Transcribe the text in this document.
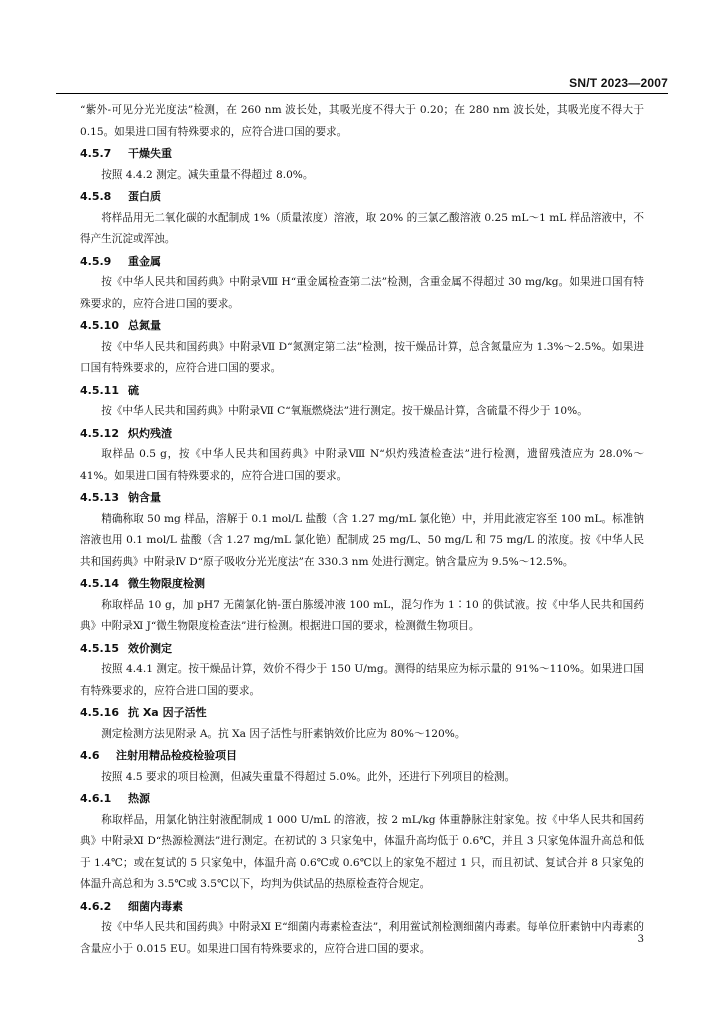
SN/T 2023—2007

“紫外-可见分光光度法”检测，在 260 nm 波长处，其吸光度不得大于 0.20；在 280 nm 波长处，其吸光度不得大于 0.15。如果进口国有特殊要求的，应符合进口国的要求。

4.5.7 干燥失重

按照 4.4.2 测定。减失重量不得超过 8.0%。

4.5.8 蛋白质

将样品用无二氧化碳的水配制成 1%（质量浓度）溶液，取 20% 的三氯乙酸溶液 0.25 mL～1 mL 样品溶液中，不得产生沉淀或浑浊。

4.5.9 重金属

按《中华人民共和国药典》中附录Ⅷ H“重金属检查第二法”检测，含重金属不得超过 30 mg/kg。如果进口国有特殊要求的，应符合进口国的要求。

4.5.10 总氮量

按《中华人民共和国药典》中附录Ⅶ D“氮测定第二法”检测，按干燥品计算，总含氮量应为 1.3%～2.5%。如果进口国有特殊要求的，应符合进口国的要求。

4.5.11 硫

按《中华人民共和国药典》中附录Ⅶ C“氧瓶燃烧法”进行测定。按干燥品计算，含硫量不得少于 10%。

4.5.12 炽灼残渣

取样品 0.5 g，按《中华人民共和国药典》中附录Ⅷ N“炽灼残渣检查法”进行检测，遗留残渣应为 28.0%～41%。如果进口国有特殊要求的，应符合进口国的要求。

4.5.13 钠含量

精确称取 50 mg 样品，溶解于 0.1 mol/L 盐酸（含 1.27 mg/mL 氯化铯）中，并用此液定容至 100 mL。标准钠溶液也用 0.1 mol/L 盐酸（含 1.27 mg/mL 氯化铯）配制成 25 mg/L、50 mg/L 和 75 mg/L 的浓度。按《中华人民共和国药典》中附录Ⅳ D“原子吸收分光光度法”在 330.3 nm 处进行测定。钠含量应为 9.5%～12.5%。

4.5.14 微生物限度检测

称取样品 10 g，加 pH7 无菌氯化钠-蛋白胨缓冲液 100 mL，混匀作为 1∶10 的供试液。按《中华人民共和国药典》中附录Ⅺ J“微生物限度检查法”进行检测。根据进口国的要求，检测微生物项目。

4.5.15 效价测定

按照 4.4.1 测定。按干燥品计算，效价不得少于 150 U/mg。测得的结果应为标示量的 91%～110%。如果进口国有特殊要求的，应符合进口国的要求。

4.5.16 抗 Xa 因子活性

测定检测方法见附录 A。抗 Xa 因子活性与肝素钠效价比应为 80%～120%。

4.6 注射用精品检疫检验项目

按照 4.5 要求的项目检测，但减失重量不得超过 5.0%。此外，还进行下列项目的检测。

4.6.1 热源

称取样品，用氯化钠注射液配制成 1 000 U/mL 的溶液，按 2 mL/kg 体重静脉注射家兔。按《中华人民共和国药典》中附录Ⅺ D“热源检测法”进行测定。在初试的 3 只家兔中，体温升高均低于 0.6℃，并且 3 只家兔体温升高总和低于 1.4℃；或在复试的 5 只家兔中，体温升高 0.6℃或 0.6℃以上的家兔不超过 1 只，而且初试、复试合并 8 只家兔的体温升高总和为 3.5℃或 3.5℃以下，均判为供试品的热原检查符合规定。

4.6.2 细菌内毒素

按《中华人民共和国药典》中附录Ⅺ E“细菌内毒素检查法”，利用鲎试剂检测细菌内毒素。每单位肝素钠中内毒素的含量应小于 0.015 EU。如果进口国有特殊要求的，应符合进口国的要求。

3
